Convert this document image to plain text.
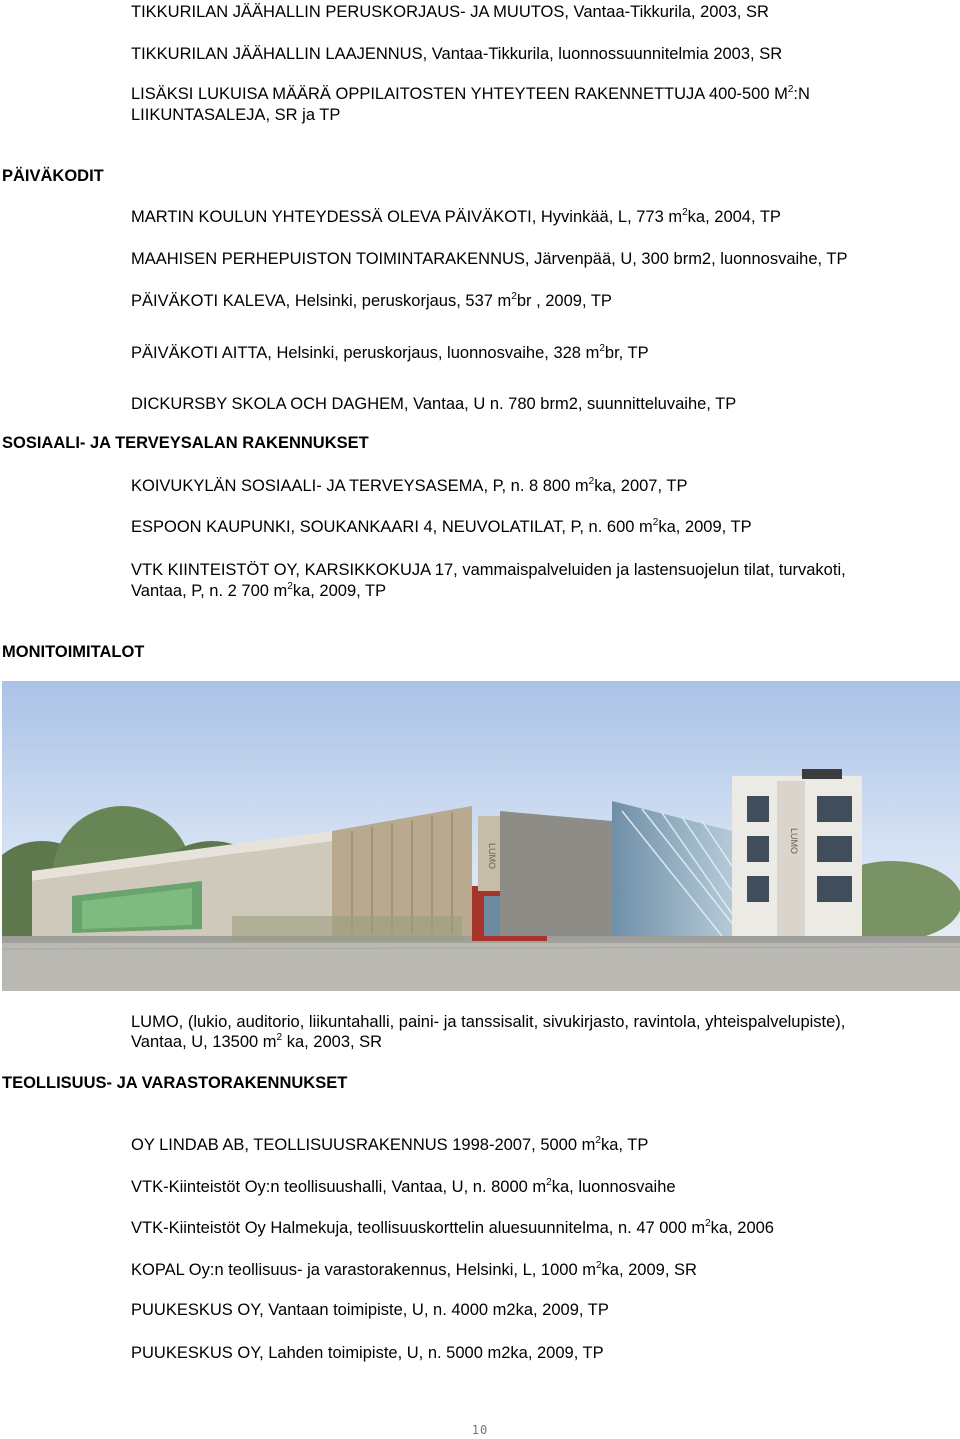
TIKKURILAN JÄÄHALLIN PERUSKORJAUS- JA MUUTOS, Vantaa-Tikkurila, 2003, SR
TIKKURILAN JÄÄHALLIN LAAJENNUS, Vantaa-Tikkurila, luonnossuunnitelmia 2003, SR
LISÄKSI LUKUISA MÄÄRÄ OPPILAITOSTEN YHTEYTEEN RAKENNETTUJA 400-500 $M^2:N$
LIIKUNTASALEJA, SR ja TP
PÄIVÄKODIT
MARTIN KOULUN YHTEYDESSÄ OLEVA PÄIVÄKOTI, Hyvinkää, L, 773 $m^2ka$, 2004, TP
MAAHISEN PERHEPUISTON TOIMINTARAKENNUS, Järvenpää, U, 300 brm2, luonnosvaihe, TP
PÄIVÄKOTI KALEVA, Helsinki, peruskorjaus, 537 $m^2br$ , 2009, TP
PÄIVÄKOTI AITTA, Helsinki, peruskorjaus, luonnosvaihe, 328 $m^2br$, TP
DICKURSBY SKOLA OCH DAGHEM, Vantaa, U n. 780 brm2, suunnitteluvaihe, TP
SOSIAALI- JA TERVEYSALAN RAKENNUKSET
KOIVUKYLÄN SOSIAALI- JA TERVEYSASEMA, P, n. 8 800 $m^2ka$, 2007, TP
ESPOON KAUPUNKI, SOUKANKAARI 4, NEUVOLATILAT, P, n. 600 $m^2ka$, 2009, TP
VTK KIINTEISTÖT OY, KARSIKKOKUJA 17, vammaispalveluiden ja lastensuojelun tilat, turvakoti,
Vantaa, P, n. 2 700 $m^2ka$, 2009, TP
MONITOIMITALOT
LUMO
LUMO
LUMO, (lukio, auditorio, liikuntahalli, paini- ja tanssisalit, sivukirjasto, ravintola, yhteispalvelupiste),
Vantaa, U, 13500 $m^2$ ka, 2003, SR
TEOLLISUUS- JA VARASTORAKENNUKSET
OY LINDAB AB, TEOLLISUUSRAKENNUS 1998-2007, 5000 $m^2ka$, TP
VTK-Kiinteistöt Oy:n teollisuushalli, Vantaa, U, n. 8000 $m^2ka$, luonnosvaihe
VTK-Kiinteistöt Oy Halmekuja, teollisuuskorttelin aluesuunnitelma, n. 47 000 $m^2ka$, 2006
KOPAL Oy:n teollisuus- ja varastorakennus, Helsinki, L, 1000 $m^2ka$, 2009, SR
PUUKESKUS OY, Vantaan toimipiste, U, n. 4000 m2ka, 2009, TP
PUUKESKUS OY, Lahden toimipiste, U, n. 5000 m2ka, 2009, TP
10
